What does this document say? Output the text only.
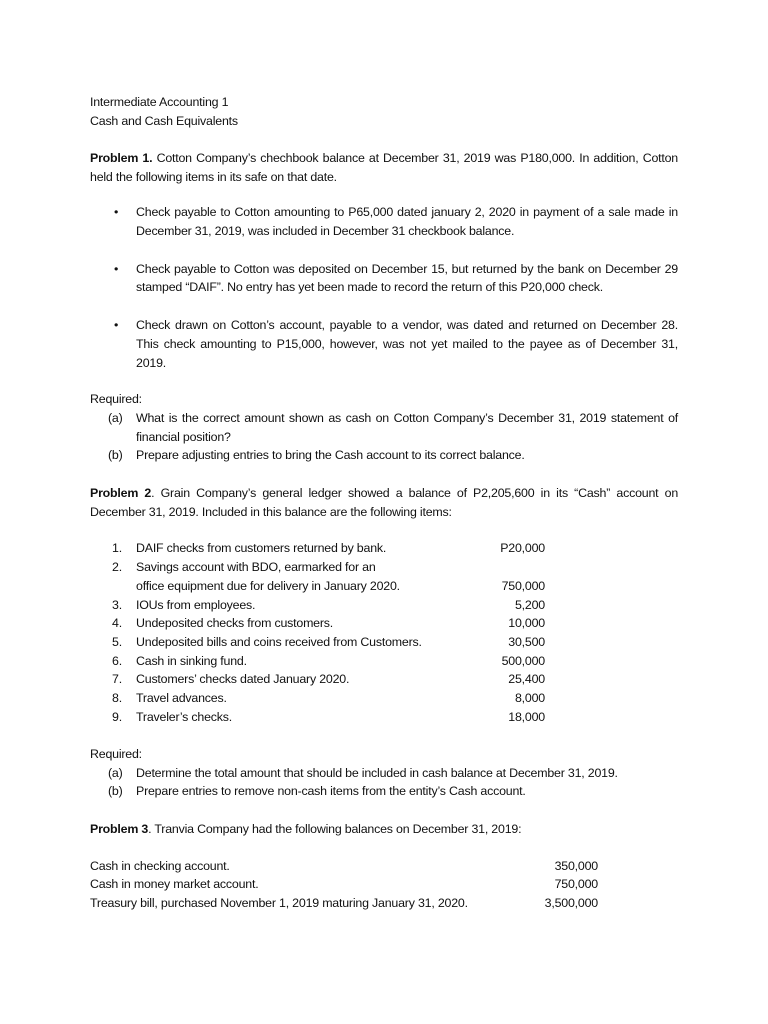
Intermediate Accounting 1

Cash and Cash Equivalents

Problem 1. Cotton Company’s chechbook balance at December 31, 2019 was P180,000. In addition, Cotton held the following items in its safe on that date.

• Check payable to Cotton amounting to P65,000 dated january 2, 2020 in payment of a sale made in December 31, 2019, was included in December 31 checkbook balance.
• Check payable to Cotton was deposited on December 15, but returned by the bank on December 29 stamped “DAIF”. No entry has yet been made to record the return of this P20,000 check.
• Check drawn on Cotton’s account, payable to a vendor, was dated and returned on December 28. This check amounting to P15,000, however, was not yet mailed to the payee as of December 31, 2019.

Required:

(a) What is the correct amount shown as cash on Cotton Company’s December 31, 2019 statement of financial position?
(b) Prepare adjusting entries to bring the Cash account to its correct balance.

Problem 2. Grain Company’s general ledger showed a balance of P2,205,600 in its “Cash” account on December 31, 2019. Included in this balance are the following items:

1. DAIF checks from customers returned by bank.	P20,000
2. Savings account with BDO, earmarked for an
office equipment due for delivery in January 2020.	750,000
3. IOUs from employees.	5,200
4. Undeposited checks from customers.	10,000
5. Undeposited bills and coins received from Customers.	30,500
6. Cash in sinking fund.	500,000
7. Customers’ checks dated January 2020.	25,400
8. Travel advances.	8,000
9. Traveler’s checks.	18,000

Required:

(a) Determine the total amount that should be included in cash balance at December 31, 2019.
(b) Prepare entries to remove non-cash items from the entity’s Cash account.

Problem 3. Tranvia Company had the following balances on December 31, 2019:

Cash in checking account.	350,000
Cash in money market account.	750,000
Treasury bill, purchased November 1, 2019 maturing January 31, 2020.	3,500,000
